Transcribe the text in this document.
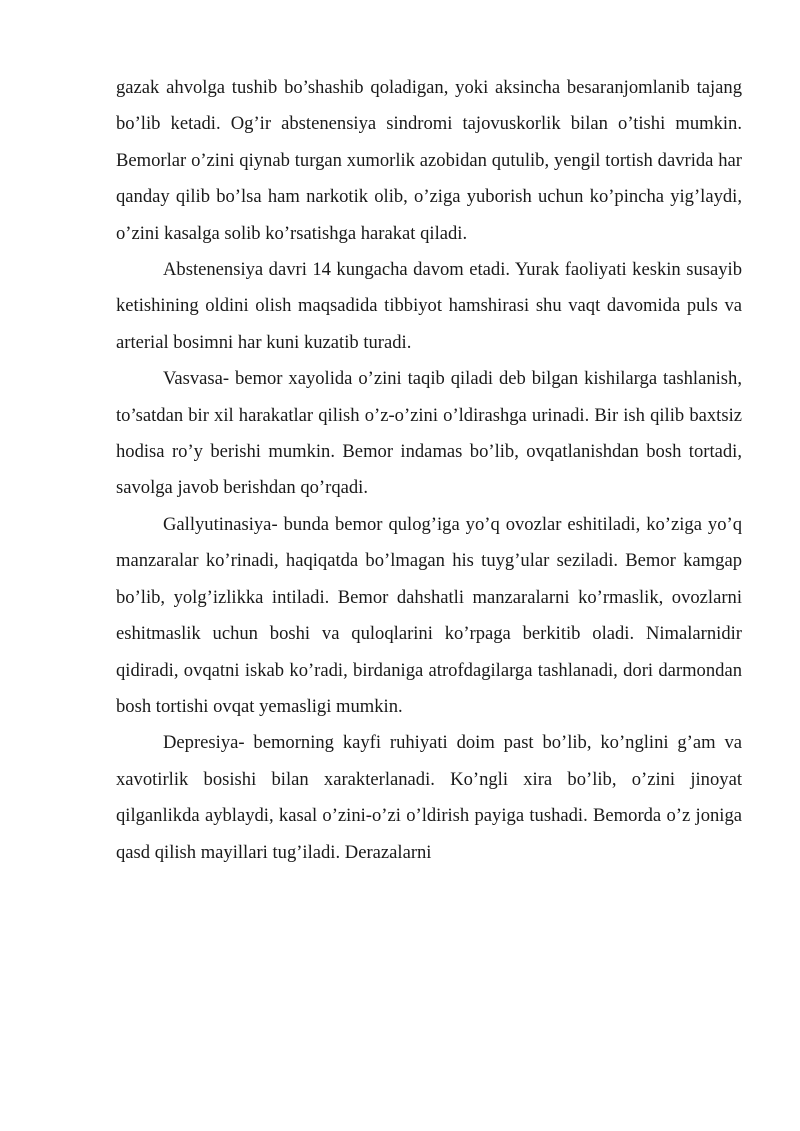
gazak ahvolga tushib bo’shashib qoladigan, yoki aksincha besaranjomlanib tajang bo’lib ketadi. Og’ir abstenensiya sindromi tajovuskorlik bilan o’tishi mumkin. Bemorlar o’zini qiynab turgan xumorlik azobidan qutulib, yengil tortish davrida har qanday qilib bo’lsa ham narkotik olib, o’ziga yuborish uchun ko’pincha yig’laydi, o’zini kasalga solib ko’rsatishga harakat qiladi.

Abstenensiya davri 14 kungacha davom etadi. Yurak faoliyati keskin susayib ketishining oldini olish maqsadida tibbiyot hamshirasi shu vaqt davomida puls va arterial bosimni har kuni kuzatib turadi.

Vasvasa- bemor xayolida o’zini taqib qiladi deb bilgan kishilarga tashlanish, to’satdan bir xil harakatlar qilish o’z-o’zini o’ldirashga urinadi. Bir ish qilib baxtsiz hodisa ro’y berishi mumkin. Bemor indamas bo’lib, ovqatlanishdan bosh tortadi, savolga javob berishdan qo’rqadi.

Gallyutinasiya- bunda bemor qulog’iga yo’q ovozlar eshitiladi, ko’ziga yo’q manzaralar ko’rinadi, haqiqatda bo’lmagan his tuyg’ular seziladi. Bemor kamgap bo’lib, yolg’izlikka intiladi. Bemor dahshatli manzaralarni ko’rmaslik, ovozlarni eshitmaslik uchun boshi va quloqlarini ko’rpaga berkitib oladi. Nimalarnidir qidiradi, ovqatni iskab ko’radi, birdaniga atrofdagilarga tashlanadi, dori darmondan bosh tortishi ovqat yemasligi mumkin.

Depresiya- bemorning kayfi ruhiyati doim past bo’lib, ko’nglini g’am va xavotirlik bosishi bilan xarakterlanadi. Ko’ngli xira bo’lib, o’zini jinoyat qilganlikda ayblaydi, kasal o’zini-o’zi o’ldirish payiga tushadi. Bemorda o’z joniga qasd qilish mayillari tug’iladi. Derazalarni
